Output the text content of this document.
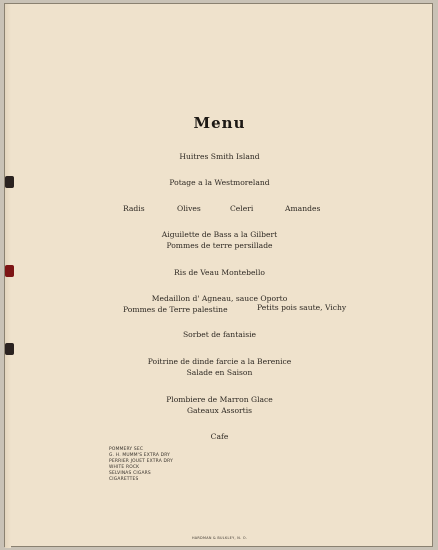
Menu
Huitres Smith Island
Potage a la Westmoreland
Radis	Olives	Celeri	Amandes
Aiguilette de Bass a la Gilbert
Pommes de terre persillade
Ris de Veau Montebello
Medaillon d' Agneau, sauce Oporto
Pommes de Terre palestine	Petits pois saute, Vichy
Sorbet de fantaisie
Poitrine de dinde farcie a la Berenice
Salade en Saison
Plombiere de Marron Glace
Gateaux Assortis
Cafe
POMMERY SEC
G. H. MUMM'S EXTRA DRY
PERRIER JOUET EXTRA DRY
WHITE ROCK
SELVINAS CIGARS
CIGARETTES
HARDMAN & BULKLEY, N. O.
